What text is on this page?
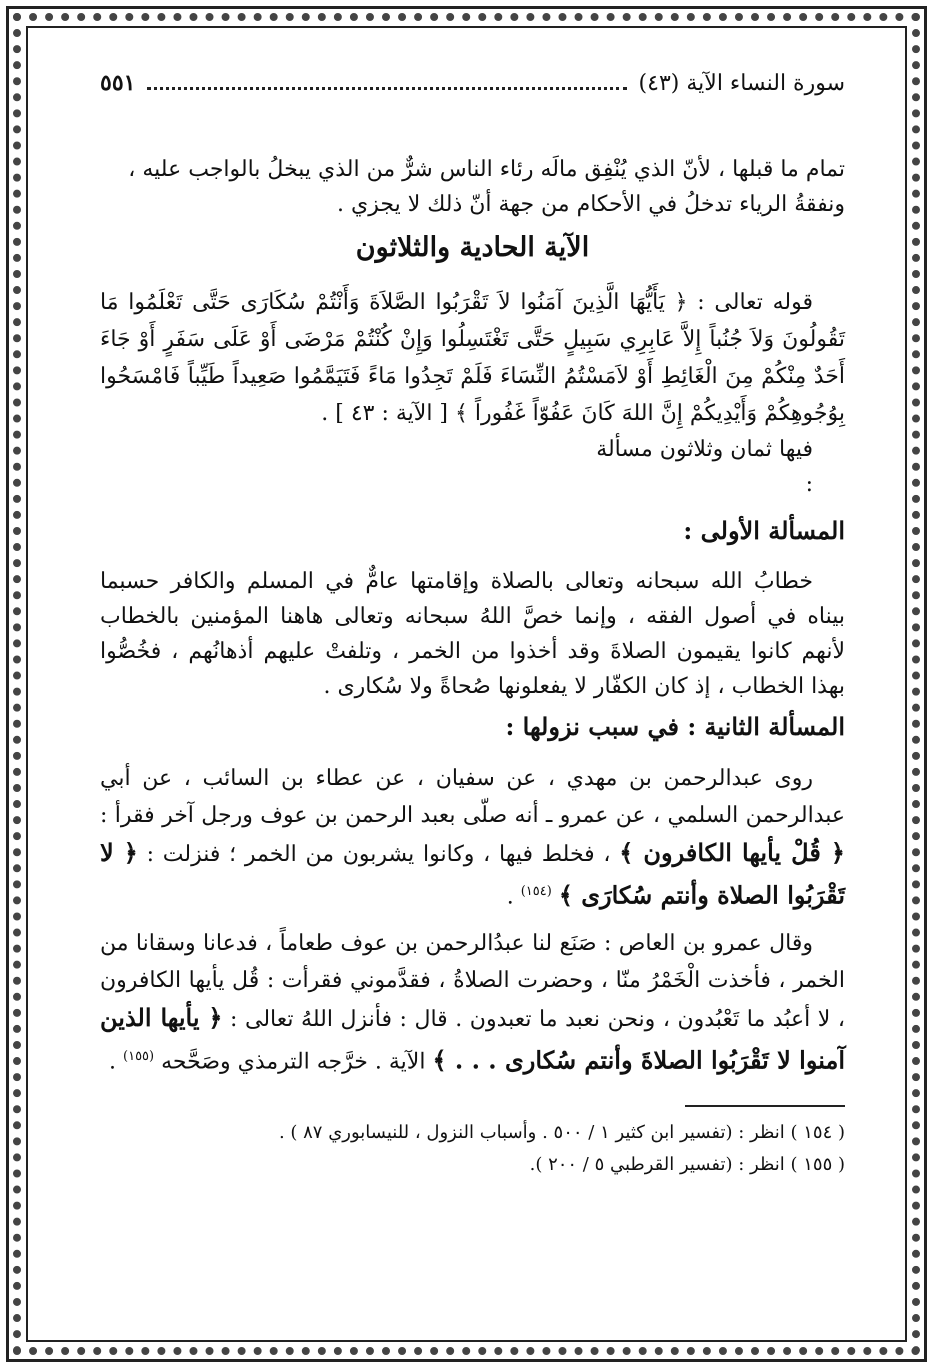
سورة النساء الآية (٤٣)
٥٥١

تمام ما قبلها ، لأنّ الذي يُنْفِق مالَه رئاء الناس شرٌّ من الذي يبخلُ بالواجب عليه ،

ونفقةُ الرياء تدخلُ في الأحكام من جهة أنّ ذلك لا يجزي .

الآية الحادية والثلاثون

قوله تعالى : ﴿ يَأَيُّهَا الَّذِينَ آمَنُوا لاَ تَقْرَبُوا الصَّلاَةَ وَأَنْتُمْ سُكَارَى حَتَّى تَعْلَمُوا مَا تَقُولُونَ وَلاَ جُنُباً إِلاَّ عَابِرِي سَبِيلٍ حَتَّى تَغْتَسِلُوا وَإِنْ كُنْتُمْ مَرْضَى أَوْ عَلَى سَفَرٍ أَوْ جَاءَ أَحَدٌ مِنْكُمْ مِنَ الْغَائِطِ أَوْ لاَمَسْتُمُ النِّسَاءَ فَلَمْ تَجِدُوا مَاءً فَتَيَمَّمُوا صَعِيداً طَيِّباً فَامْسَحُوا بِوُجُوهِكُمْ وَأَيْدِيكُمْ إِنَّ اللهَ كَانَ عَفُوّاً غَفُوراً ﴾ [ الآية : ٤٣ ] .

فيها ثمان وثلاثون مسألة

:

المسألة الأولى :

خطابُ الله سبحانه وتعالى بالصلاة وإقامتها عامٌّ في المسلم والكافر حسبما بيناه في أصول الفقه ، وإنما خصَّ اللهُ سبحانه وتعالى هاهنا المؤمنين بالخطاب لأنهم كانوا يقيمون الصلاةَ وقد أخذوا من الخمر ، وتلفتْ عليهم أذهانُهم ، فخُصُّوا بهذا الخطاب ، إذ كان الكفّار لا يفعلونها صُحاةً ولا سُكارى .

المسألة الثانية : في سبب نزولها :

روى عبدالرحمن بن مهدي ، عن سفيان ، عن عطاء بن السائب ، عن أبي عبدالرحمن السلمي ، عن عمرو ـ أنه صلّى بعبد الرحمن بن عوف ورجل آخر فقرأ : ﴿ قُلْ يأيها الكافرون ﴾ ، فخلط فيها ، وكانوا يشربون من الخمر ؛ فنزلت : ﴿ لا تَقْرَبُوا الصلاة وأنتم سُكارَى ﴾ $^{(١٥٤)}$ .

وقال عمرو بن العاص : صَنَع لنا عبدُالرحمن بن عوف طعاماً ، فدعانا وسقانا من الخمر ، فأخذت الْخَمْرُ منّا ، وحضرت الصلاةُ ، فقدَّموني فقرأت : قُل يأيها الكافرون ، لا أعبُد ما تَعْبُدون ، ونحن نعبد ما تعبدون . قال : فأنزل اللهُ تعالى : ﴿ يأيها الذين آمنوا لا تَقْرَبُوا الصلاةَ وأنتم سُكارى . . . ﴾ الآية . خرَّجه الترمذي وصَحَّحه $^{(١٥٥)}$ .

( ١٥٤ ) انظر : (تفسير ابن كثير ١ / ٥٠٠ . وأسباب النزول ، للنيسابوري ٨٧ ) .

( ١٥٥ ) انظر : (تفسير القرطبي ٥ / ٢٠٠ ).
